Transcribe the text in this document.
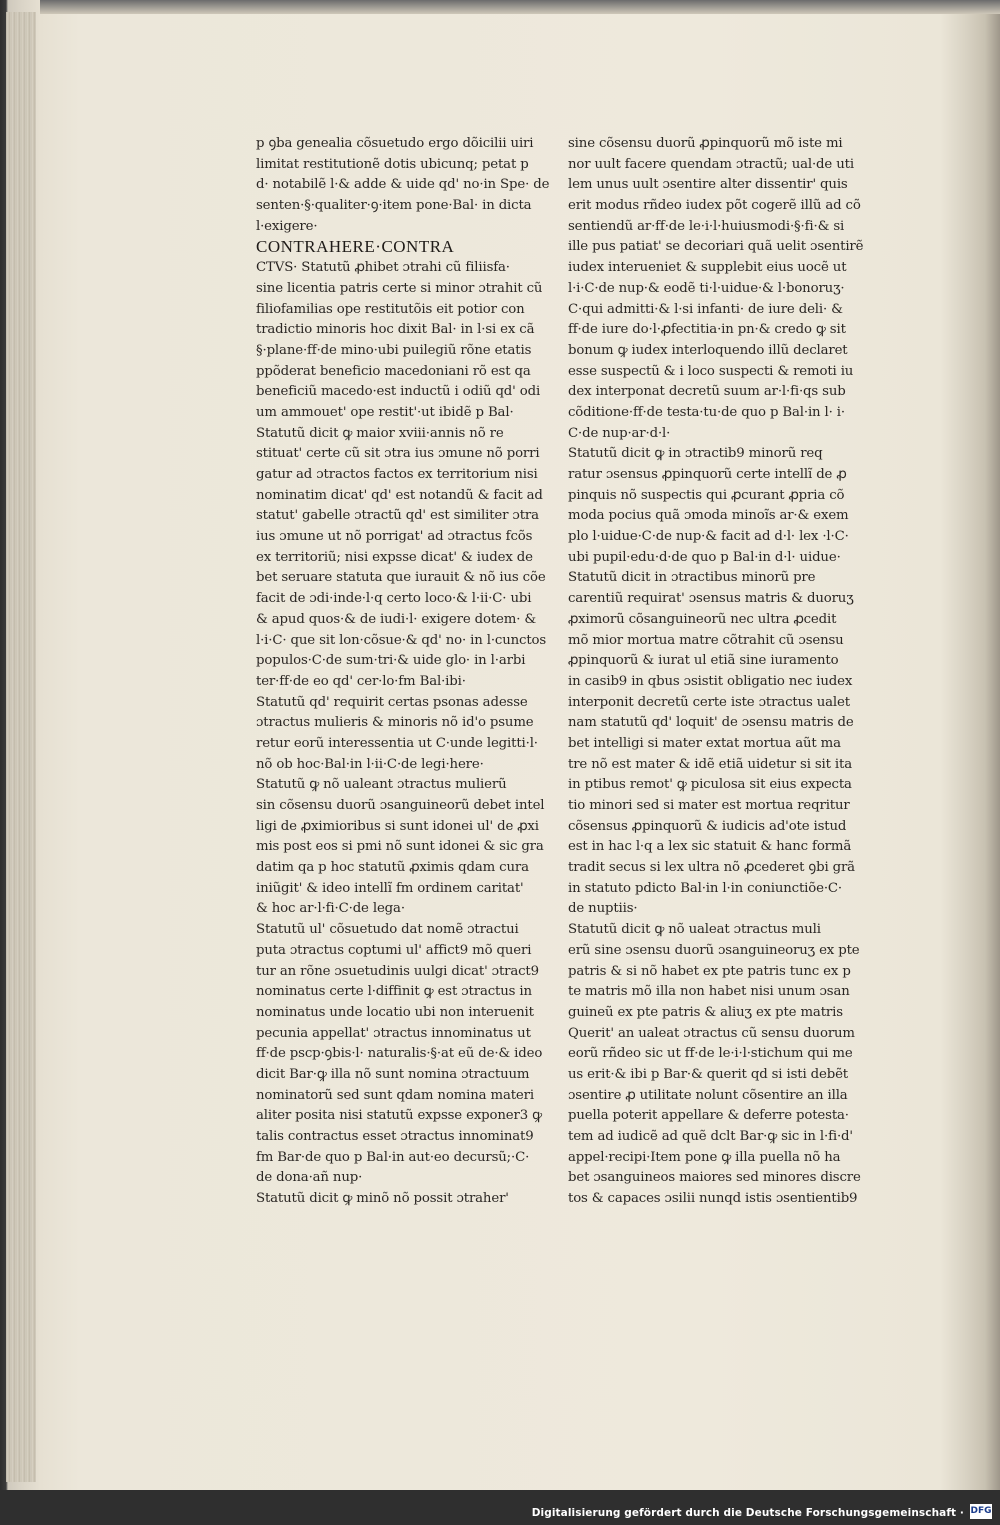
p ꝯba genealia cõsuetudo ergo dõicilii uiri
limitat restitutionẽ dotis ubicunq; petat p
d· notabilẽ l·& adde & uide qd' no·in Spe· de
senten·§·qualiter·ꝯ·item pone·Bal· in dicta
l·exigere·
CONTRAHERE·CONTRA
CTVS· Statutũ ꝓhibet ɔtrahi cũ filiisfa·
sine licentia patris certe si minor ɔtrahit cũ
filiofamilias ope restitutõis eit potior con
tradictio minoris hoc dixit Bal· in l·si ex cã
§·plane·ff·de mino·ubi puilegiũ rõne etatis
ppõderat beneficio macedoniani rõ est qa
beneficiũ macedo·est inductũ i odiũ qd' odi
um ammouet' ope restit'·ut ibidẽ p Bal·
Statutũ dicit ꝙ maior xviii·annis nõ re
stituat' certe cũ sit ɔtra ius ɔmune nõ porri
gatur ad ɔtractos factos ex territorium nisi
nominatim dicat' qd' est notandũ & facit ad
statut' gabelle ɔtractũ qd' est similiter ɔtra
ius ɔmune ut nõ porrigat' ad ɔtractus fcõs
ex territoriũ; nisi expsse dicat' & iudex de
bet seruare statuta que iurauit & nõ ius cõe
facit de ɔdi·inde·l·q certo loco·& l·ii·C· ubi
& apud quos·& de iudi·l· exigere dotem· &
l·i·C· que sit lon·cõsue·& qd' no· in l·cunctos
populos·C·de sum·tri·& uide glo· in l·arbi
ter·ff·de eo qd' cer·lo·fm Bal·ibi·
Statutũ qd' requirit certas psonas adesse
ɔtractus mulieris & minoris nõ id'o psume
retur eorũ interessentia ut C·unde legitti·l·
nõ ob hoc·Bal·in l·ii·C·de legi·here·
Statutũ ꝙ nõ ualeant ɔtractus mulierũ
sin cõsensu duorũ ɔsanguineorũ debet intel
ligi de ꝓximioribus si sunt idonei ul' de ꝓxi
mis post eos si pmi nõ sunt idonei & sic gra
datim qa p hoc statutũ ꝓximis qdam cura
iniũgit' & ideo intellĩ fm ordinem caritat'
& hoc ar·l·fi·C·de lega·
Statutũ ul' cõsuetudo dat nomẽ ɔtractui
puta ɔtractus coptumi ul' affict9 mõ queri
tur an rõne ɔsuetudinis uulgi dicat' ɔtract9
nominatus certe l·diffinit ꝙ est ɔtractus in
nominatus unde locatio ubi non interuenit
pecunia appellat' ɔtractus innominatus ut
ff·de pscp·ꝯbis·l· naturalis·§·at eũ de·& ideo
dicit Bar·ꝙ illa nõ sunt nomina ɔtractuum
nominatorũ sed sunt qdam nomina materi
aliter posita nisi statutũ expsse exponer3 ꝙ
talis contractus esset ɔtractus innominat9
fm Bar·de quo p Bal·in aut·eo decursũ;·C·
de dona·añ nup·
Statutũ dicit ꝙ minõ nõ possit ɔtraher'
sine cõsensu duorũ ꝓpinquorũ mõ iste mi
nor uult facere quendam ɔtractũ; ual·de uti
lem unus uult ɔsentire alter dissentir' quis
erit modus rñdeo iudex põt cogerẽ illũ ad cõ
sentiendũ ar·ff·de le·i·l·huiusmodi·§·fi·& si
ille pus patiat' se decoriari quã uelit ɔsentirẽ
iudex interueniet & supplebit eius uocẽ ut
l·i·C·de nup·& eodẽ ti·l·uidue·& l·bonoruʒ·
C·qui admitti·& l·si infanti· de iure deli· &
ff·de iure do·l·ꝓfectitia·in pn·& credo ꝙ sit
bonum ꝙ iudex interloquendo illũ declaret
esse suspectũ & i loco suspecti & remoti iu
dex interponat decretũ suum ar·l·fi·qs sub
cõditione·ff·de testa·tu·de quo p Bal·in l· i·
C·de nup·ar·d·l·
Statutũ dicit ꝙ in ɔtractib9 minorũ req
ratur ɔsensus ꝓpinquorũ certe intellĩ de ꝓ
pinquis nõ suspectis qui ꝓcurant ꝓpria cõ
moda pocius quã ɔmoda minoĩs ar·& exem
plo l·uidue·C·de nup·& facit ad d·l· lex ·l·C·
ubi pupil·edu·d·de quo p Bal·in d·l· uidue·
Statutũ dicit in ɔtractibus minorũ pre
carentiũ requirat' ɔsensus matris & duoruʒ
ꝓximorũ cõsanguineorũ nec ultra ꝓcedit
mõ mior mortua matre cõtrahit cũ ɔsensu
ꝓpinquorũ & iurat ul etiã sine iuramento
in casib9 in qbus ɔsistit obligatio nec iudex
interponit decretũ certe iste ɔtractus ualet
nam statutũ qd' loquit' de ɔsensu matris de
bet intelligi si mater extat mortua aũt ma
tre nõ est mater & idẽ etiã uidetur si sit ita
in ptibus remot' ꝙ piculosa sit eius expecta
tio minori sed si mater est mortua reqritur
cõsensus ꝓpinquorũ & iudicis ad'ote istud
est in hac l·q a lex sic statuit & hanc formã
tradit secus si lex ultra nõ ꝓcederet ꝯbi grã
in statuto pdicto Bal·in l·in coniunctiõe·C·
de nuptiis·
Statutũ dicit ꝙ nõ ualeat ɔtractus muli
erũ sine ɔsensu duorũ ɔsanguineoruʒ ex pte
patris & si nõ habet ex pte patris tunc ex p
te matris mõ illa non habet nisi unum ɔsan
guineũ ex pte patris & aliuʒ ex pte matris
Querit' an ualeat ɔtractus cũ sensu duorum
eorũ rñdeo sic ut ff·de le·i·l·stichum qui me
us erit·& ibi p Bar·& querit qd si isti debẽt
ɔsentire ꝓ utilitate nolunt cõsentire an illa
puella poterit appellare & deferre potesta·
tem ad iudicẽ ad quẽ dclt Bar·ꝙ sic in l·fi·d'
appel·recipi·Item pone ꝙ illa puella nõ ha
bet ɔsanguineos maiores sed minores discre
tos & capaces ɔsilii nunqd istis ɔsentientib9
Digitalisierung gefördert durch die Deutsche Forschungsgemeinschaft · DFG
